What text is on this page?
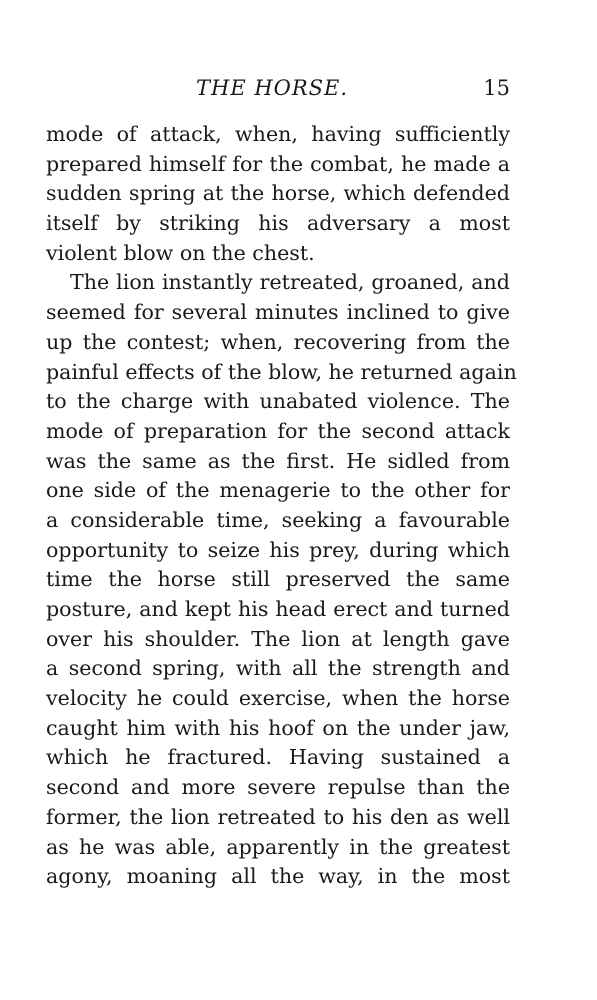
THE HORSE.	15
mode of attack, when, having sufficiently
prepared himself for the combat, he made a
sudden spring at the horse, which defended
itself by striking his adversary a most
violent blow on the chest.
The lion instantly retreated, groaned, and
seemed for several minutes inclined to give
up the contest; when, recovering from the
painful effects of the blow, he returned again
to the charge with unabated violence. The
mode of preparation for the second attack
was the same as the first. He sidled from
one side of the menagerie to the other for
a considerable time, seeking a favourable
opportunity to seize his prey, during which
time the horse still preserved the same
posture, and kept his head erect and turned
over his shoulder. The lion at length gave
a second spring, with all the strength and
velocity he could exercise, when the horse
caught him with his hoof on the under jaw,
which he fractured. Having sustained a
second and more severe repulse than the
former, the lion retreated to his den as well
as he was able, apparently in the greatest
agony, moaning all the way, in the most
